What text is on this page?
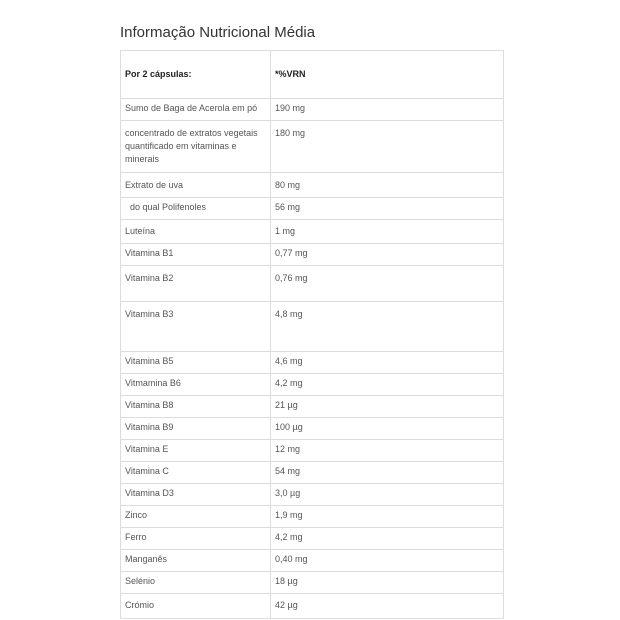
Informação Nutricional Média
Por 2 cápsulas:	*%VRN
Sumo de Baga de Acerola em pó	190 mg
concentrado de extratos vegetais quantificado em vitaminas e minerais	180 mg
Extrato de uva	80 mg
do qual Polifenoles	56 mg
Luteína	1 mg
Vitamina B1	0,77 mg
Vitamina B2	0,76 mg
Vitamina B3	4,8 mg
Vitamina B5	4,6 mg
Vitmamina B6	4,2 mg
Vitamina B8	21 µg
Vitamina B9	100 µg
Vitamina E	12 mg
Vitamina C	54 mg
Vitamina D3	3,0 µg
Zinco	1,9 mg
Ferro	4,2 mg
Manganês	0,40 mg
Selénio	18 µg
Crómio	42 µg
